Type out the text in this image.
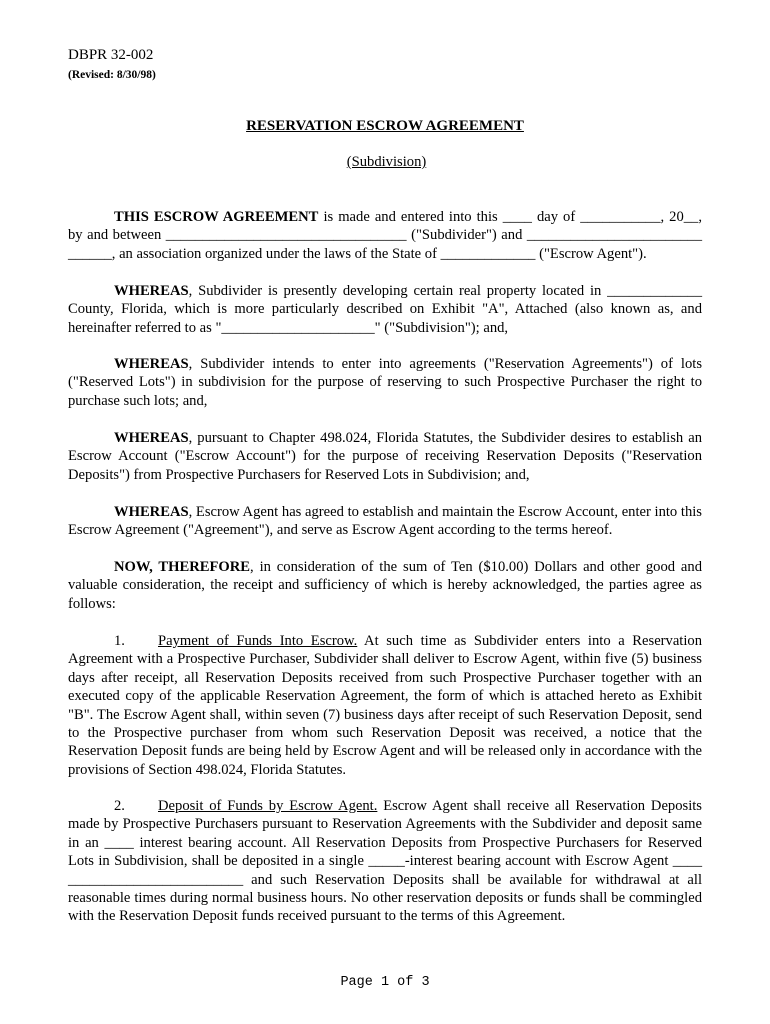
DBPR 32-002
(Revised: 8/30/98)
RESERVATION ESCROW AGREEMENT
(Subdivision)

THIS ESCROW AGREEMENT is made and entered into this ____ day of ___________, 20__, by and between _________________________________ ("Subdivider") and ________________________ ______, an association organized under the laws of the State of _____________ ("Escrow Agent").

WHEREAS, Subdivider is presently developing certain real property located in _____________ County, Florida, which is more particularly described on Exhibit "A", Attached (also known as, and hereinafter referred to as "_____________________" ("Subdivision"); and,

WHEREAS, Subdivider intends to enter into agreements ("Reservation Agreements") of lots ("Reserved Lots") in subdivision for the purpose of reserving to such Prospective Purchaser the right to purchase such lots; and,

WHEREAS, pursuant to Chapter 498.024, Florida Statutes, the Subdivider desires to establish an Escrow Account ("Escrow Account") for the purpose of receiving Reservation Deposits ("Reservation Deposits") from Prospective Purchasers for Reserved Lots in Subdivision; and,

WHEREAS, Escrow Agent has agreed to establish and maintain the Escrow Account, enter into this Escrow Agreement ("Agreement"), and serve as Escrow Agent according to the terms hereof.

NOW, THEREFORE, in consideration of the sum of Ten ($10.00) Dollars and other good and valuable consideration, the receipt and sufficiency of which is hereby acknowledged, the parties agree as follows:

1. Payment of Funds Into Escrow. At such time as Subdivider enters into a Reservation Agreement with a Prospective Purchaser, Subdivider shall deliver to Escrow Agent, within five (5) business days after receipt, all Reservation Deposits received from such Prospective Purchaser together with an executed copy of the applicable Reservation Agreement, the form of which is attached hereto as Exhibit "B". The Escrow Agent shall, within seven (7) business days after receipt of such Reservation Deposit, send to the Prospective purchaser from whom such Reservation Deposit was received, a notice that the Reservation Deposit funds are being held by Escrow Agent and will be released only in accordance with the provisions of Section 498.024, Florida Statutes.

2. Deposit of Funds by Escrow Agent. Escrow Agent shall receive all Reservation Deposits made by Prospective Purchasers pursuant to Reservation Agreements with the Subdivider and deposit same in an ____ interest bearing account. All Reservation Deposits from Prospective Purchasers for Reserved Lots in Subdivision, shall be deposited in a single _____-interest bearing account with Escrow Agent ____ ________________________ and such Reservation Deposits shall be available for withdrawal at all reasonable times during normal business hours. No other reservation deposits or funds shall be commingled with the Reservation Deposit funds received pursuant to the terms of this Agreement.

Page 1 of 3
